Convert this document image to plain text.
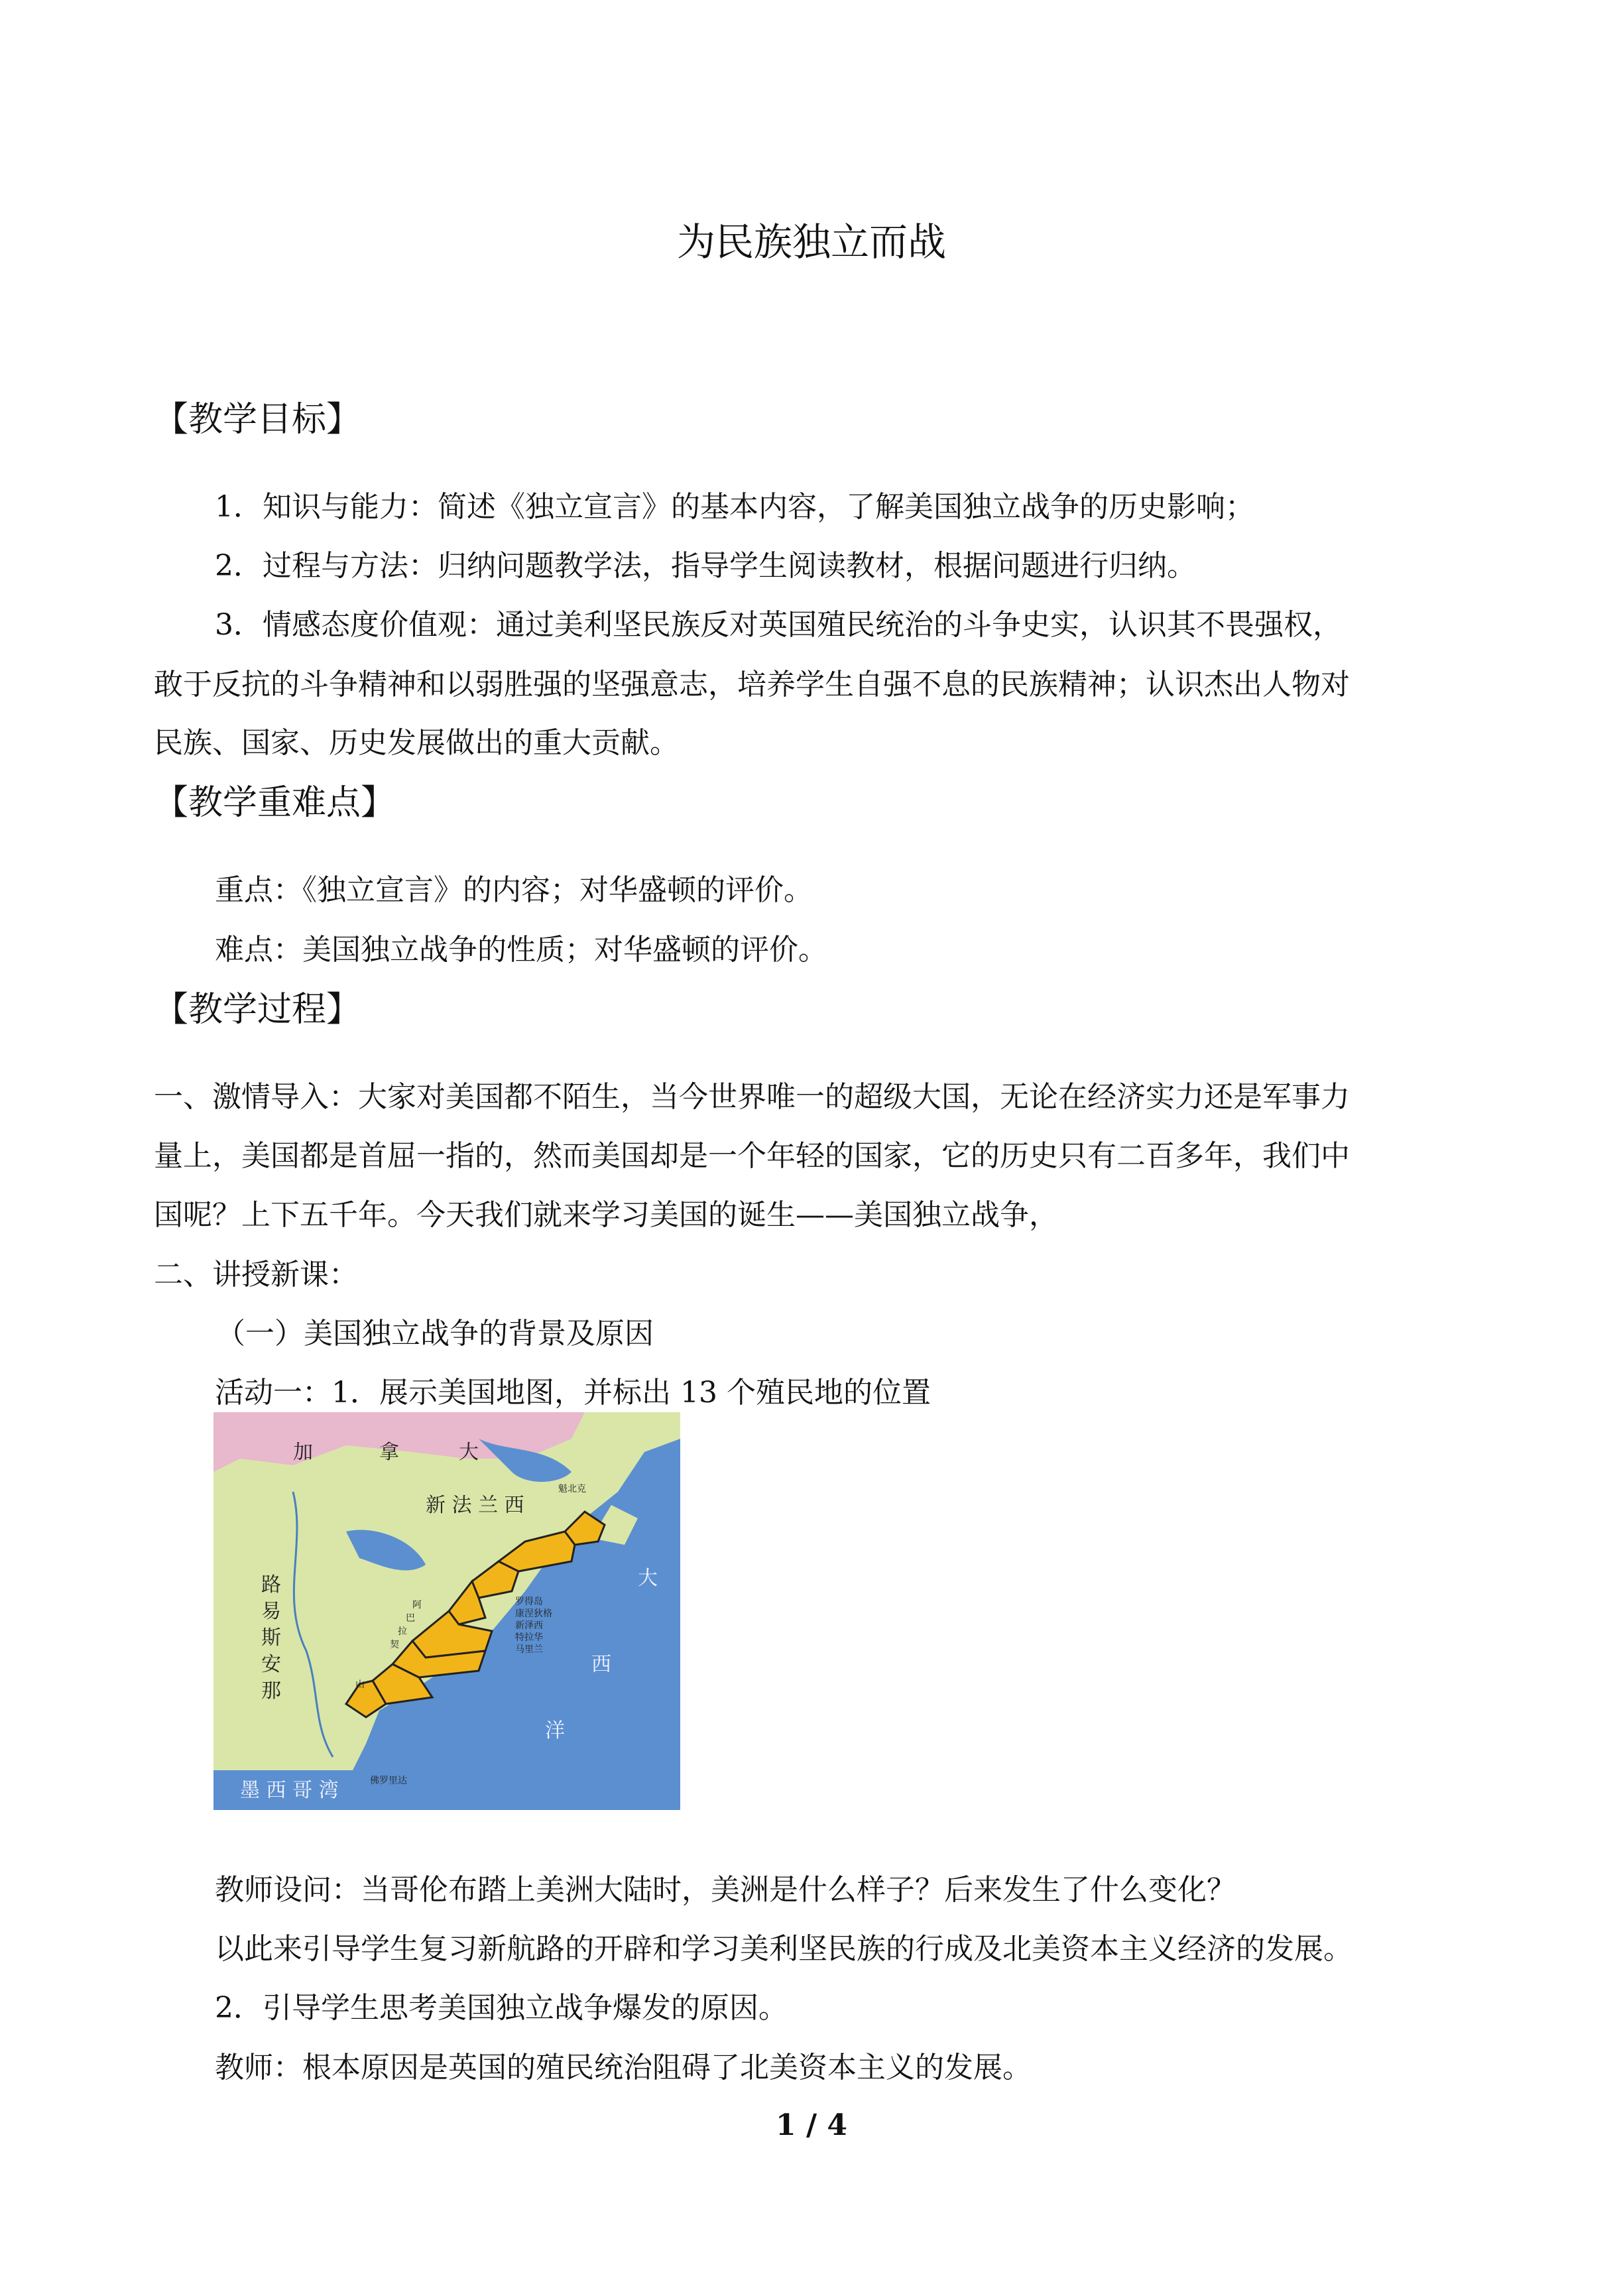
为民族独立而战
【教学目标】
1．知识与能力：简述《独立宣言》的基本内容，了解美国独立战争的历史影响；
2．过程与方法：归纳问题教学法，指导学生阅读教材，根据问题进行归纳。
3．情感态度价值观：通过美利坚民族反对英国殖民统治的斗争史实，认识其不畏强权，
敢于反抗的斗争精神和以弱胜强的坚强意志，培养学生自强不息的民族精神；认识杰出人物对
民族、国家、历史发展做出的重大贡献。
【教学重难点】
重点：《独立宣言》的内容；对华盛顿的评价。
难点：美国独立战争的性质；对华盛顿的评价。
【教学过程】
一、激情导入：大家对美国都不陌生，当今世界唯一的超级大国，无论在经济实力还是军事力
量上，美国都是首屈一指的，然而美国却是一个年轻的国家，它的历史只有二百多年，我们中
国呢？上下五千年。今天我们就来学习美国的诞生——美国独立战争，
二、讲授新课：
（一）美国独立战争的背景及原因
活动一：1．展示美国地图，并标出 13 个殖民地的位置
加	拿	大
新 法 兰 西
魁北克
路
易
斯
安
那
阿
巴
拉
契
山
罗得岛
康涅狄格
新泽西
特拉华
马里兰
大
西
洋
佛罗里达
墨 西 哥 湾
教师设问：当哥伦布踏上美洲大陆时，美洲是什么样子？后来发生了什么变化？
以此来引导学生复习新航路的开辟和学习美利坚民族的行成及北美资本主义经济的发展。
2．引导学生思考美国独立战争爆发的原因。
教师：根本原因是英国的殖民统治阻碍了北美资本主义的发展。
1 / 4
